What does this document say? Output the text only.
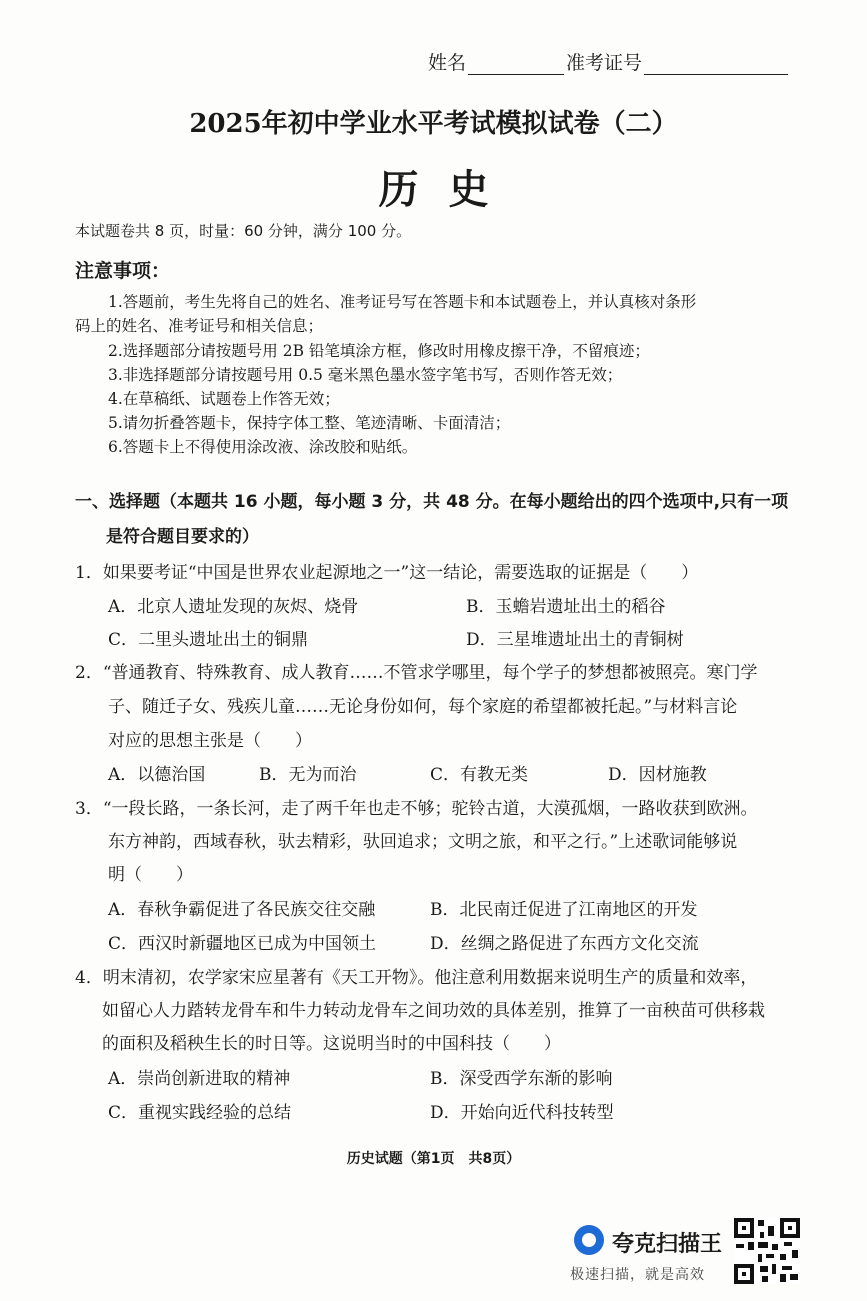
姓名	准考证号
2025年初中学业水平考试模拟试卷（二）
历史
本试题卷共 8 页，时量：60 分钟，满分 100 分。
注意事项：
1.答题前，考生先将自己的姓名、准考证号写在答题卡和本试题卷上，并认真核对条形
码上的姓名、准考证号和相关信息；
2.选择题部分请按题号用 2B 铅笔填涂方框，修改时用橡皮擦干净，不留痕迹；
3.非选择题部分请按题号用 0.5 毫米黑色墨水签字笔书写，否则作答无效；
4.在草稿纸、试题卷上作答无效；
5.请勿折叠答题卡，保持字体工整、笔迹清晰、卡面清洁；
6.答题卡上不得使用涂改液、涂改胶和贴纸。
一、选择题（本题共 16 小题，每小题 3 分，共 48 分。在每小题给出的四个选项中,只有一项
是符合题目要求的）
1．如果要考证“中国是世界农业起源地之一”这一结论，需要选取的证据是（　　）
A．北京人遗址发现的灰烬、烧骨	B．玉蟾岩遗址出土的稻谷
C．二里头遗址出土的铜鼎	D．三星堆遗址出土的青铜树
2．“普通教育、特殊教育、成人教育……不管求学哪里，每个学子的梦想都被照亮。寒门学
子、随迁子女、残疾儿童……无论身份如何，每个家庭的希望都被托起。”与材料言论
对应的思想主张是（　　）
A．以德治国	B．无为而治	C．有教无类	D．因材施教
3．“一段长路，一条长河，走了两千年也走不够；驼铃古道，大漠孤烟，一路收获到欧洲。
东方神韵，西域春秋，驮去精彩，驮回追求；文明之旅，和平之行。”上述歌词能够说
明（　　）
A．春秋争霸促进了各民族交往交融	B．北民南迁促进了江南地区的开发
C．西汉时新疆地区已成为中国领土	D．丝绸之路促进了东西方文化交流
4．明末清初，农学家宋应星著有《天工开物》。他注意利用数据来说明生产的质量和效率，
如留心人力踏转龙骨车和牛力转动龙骨车之间功效的具体差别，推算了一亩秧苗可供移栽
的面积及稻秧生长的时日等。这说明当时的中国科技（　　）
A．崇尚创新进取的精神	B．深受西学东渐的影响
C．重视实践经验的总结	D．开始向近代科技转型
历史试题（第1页　共8页）
夸克扫描王
极速扫描，就是高效
